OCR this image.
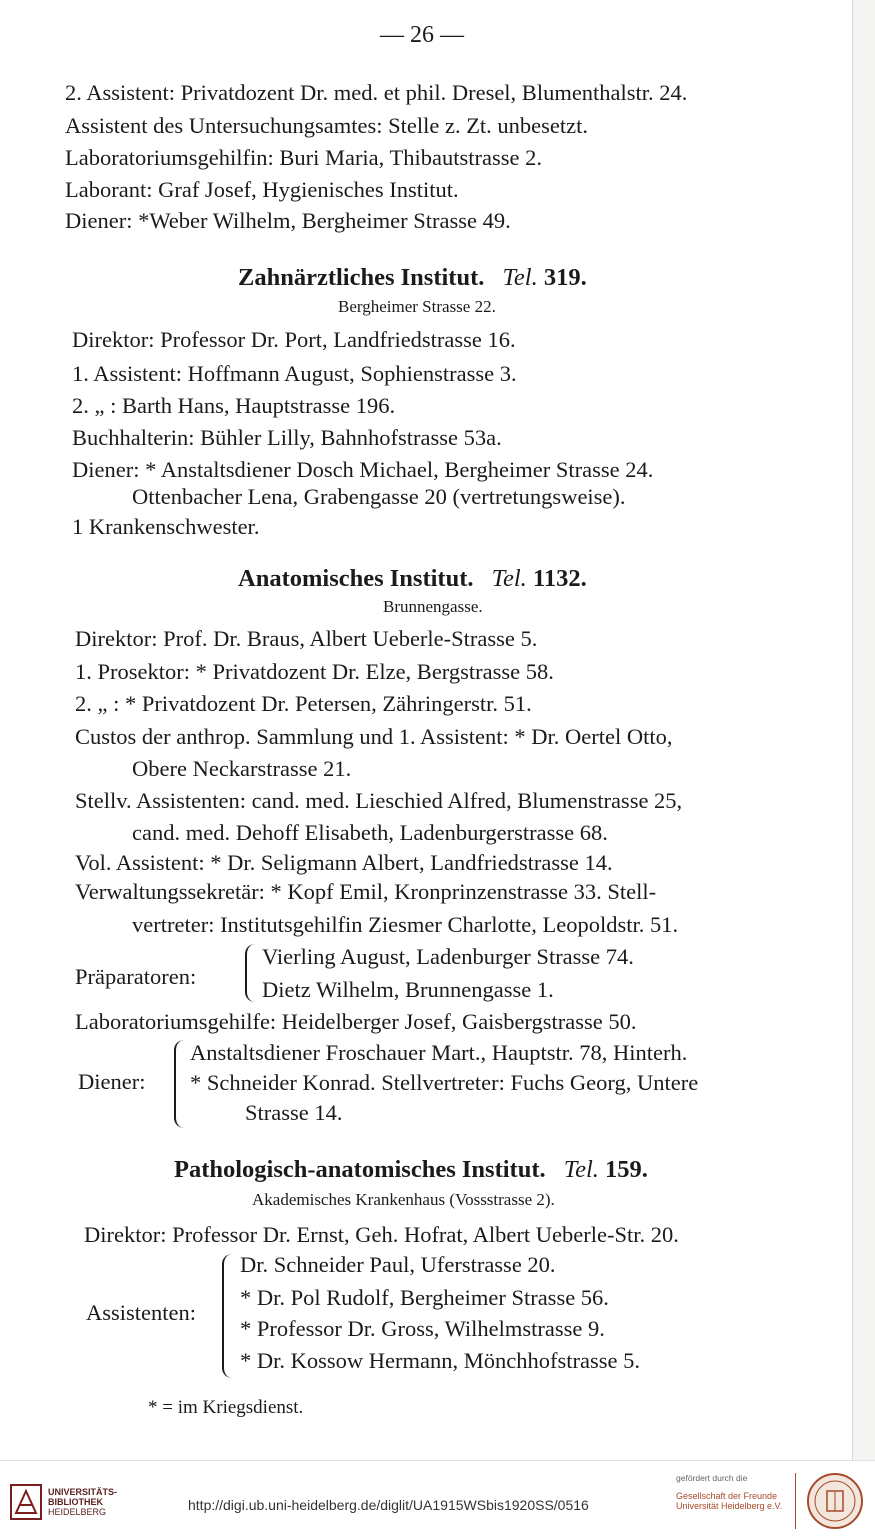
— 26 —
2. Assistent: Privatdozent Dr. med. et phil. Dresel, Blumenthalstr. 24.
Assistent des Untersuchungsamtes: Stelle z. Zt. unbesetzt.
Laboratoriumsgehilfin: Buri Maria, Thibautstrasse 2.
Laborant: Graf Josef, Hygienisches Institut.
Diener: *Weber Wilhelm, Bergheimer Strasse 49.
Zahnärztliches Institut. Tel. 319.
Bergheimer Strasse 22.
Direktor: Professor Dr. Port, Landfriedstrasse 16.
1. Assistent: Hoffmann August, Sophienstrasse 3.
2. „ : Barth Hans, Hauptstrasse 196.
Buchhalterin: Bühler Lilly, Bahnhofstrasse 53a.
Diener: * Anstaltsdiener Dosch Michael, Bergheimer Strasse 24.
Ottenbacher Lena, Grabengasse 20 (vertretungsweise).
1 Krankenschwester.
Anatomisches Institut. Tel. 1132.
Brunnengasse.
Direktor: Prof. Dr. Braus, Albert Ueberle-Strasse 5.
1. Prosektor: * Privatdozent Dr. Elze, Bergstrasse 58.
2. „ : * Privatdozent Dr. Petersen, Zähringerstr. 51.
Custos der anthrop. Sammlung und 1. Assistent: * Dr. Oertel Otto,
Obere Neckarstrasse 21.
Stellv. Assistenten: cand. med. Lieschied Alfred, Blumenstrasse 25,
cand. med. Dehoff Elisabeth, Ladenburgerstrasse 68.
Vol. Assistent: * Dr. Seligmann Albert, Landfriedstrasse 14.
Verwaltungssekretär: * Kopf Emil, Kronprinzenstrasse 33. Stell-
vertreter: Institutsgehilfin Ziesmer Charlotte, Leopoldstr. 51.
Präparatoren:
Vierling August, Ladenburger Strasse 74.
Dietz Wilhelm, Brunnengasse 1.
Laboratoriumsgehilfe: Heidelberger Josef, Gaisbergstrasse 50.
Diener:
Anstaltsdiener Froschauer Mart., Hauptstr. 78, Hinterh.
* Schneider Konrad. Stellvertreter: Fuchs Georg, Untere
Strasse 14.
Pathologisch-anatomisches Institut. Tel. 159.
Akademisches Krankenhaus (Vossstrasse 2).
Direktor: Professor Dr. Ernst, Geh. Hofrat, Albert Ueberle-Str. 20.
Assistenten:
Dr. Schneider Paul, Uferstrasse 20.
* Dr. Pol Rudolf, Bergheimer Strasse 56.
* Professor Dr. Gross, Wilhelmstrasse 9.
* Dr. Kossow Hermann, Mönchhofstrasse 5.
* = im Kriegsdienst.
UNIVERSITÄTS-
BIBLIOTHEK
HEIDELBERG	http://digi.ub.uni-heidelberg.de/diglit/UA1915WSbis1920SS/0516
gefördert durch die
Gesellschaft der Freunde
Universität Heidelberg e.V.
